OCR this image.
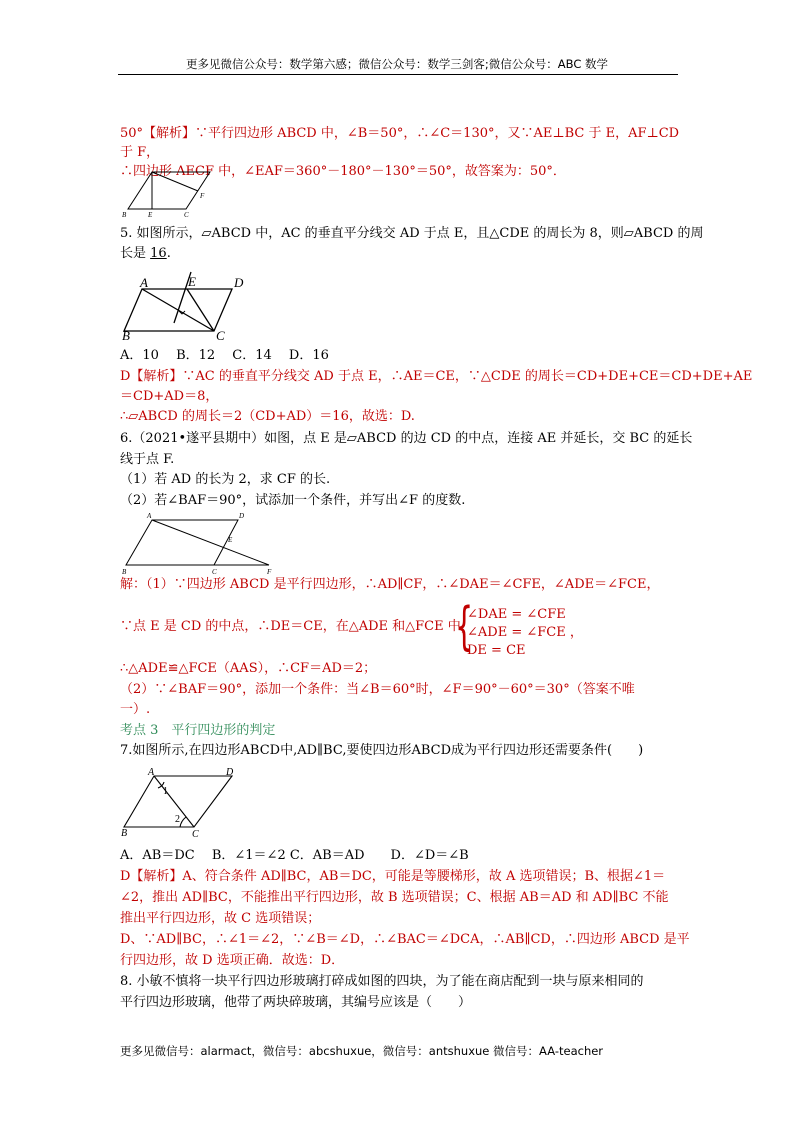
更多见微信公众号：数学第六感；微信公众号：数学三剑客;微信公众号：ABC 数学
50°【解析】∵平行四边形 ABCD 中，∠B＝50°，∴∠C＝130°，又∵AE⊥BC 于 E，AF⊥CD
于 F，
∴四边形 AECF 中，∠EAF＝360°－180°－130°＝50°，故答案为：50°．
B	E	C
F
5. 如图所示，▱ABCD 中，AC 的垂直平分线交 AD 于点 E，且△CDE 的周长为 8，则▱ABCD 的周
长是 16.
A	E	D
B	C
A．10　 B．12　 C．14　 D．16
D【解析】∵AC 的垂直平分线交 AD 于点 E，∴AE＝CE，∵△CDE 的周长＝CD+DE+CE＝CD+DE+AE
＝CD+AD＝8，
∴▱ABCD 的周长＝2（CD+AD）＝16，故选：D.
6.（2021•遂平县期中）如图，点 E 是▱ABCD 的边 CD 的中点，连接 AE 并延长，交 BC 的延长
线于点 F.
（1）若 AD 的长为 2，求 CF 的长.
（2）若∠BAF＝90°，试添加一个条件，并写出∠F 的度数.
A	D
E
B	C	F
解：（1）∵四边形 ABCD 是平行四边形，∴AD∥CF，∴∠DAE＝∠CFE，∠ADE＝∠FCE，
∵点 E 是 CD 的中点，∴DE＝CE，在△ADE 和△FCE 中，
{
∠DAE = ∠CFE
∠ADE = ∠FCE ，
DE = CE
∴△ADE≌△FCE（AAS），∴CF＝AD＝2；
（2）∵∠BAF＝90°，添加一个条件：当∠B＝60°时，∠F＝90°－60°＝30°（答案不唯
一）.
考点 3　平行四边形的判定
7.如图所示,在四边形ABCD中,AD∥BC,要使四边形ABCD成为平行四边形还需要条件(　　)
A	D
1
2
B	C
A．AB＝DC　 B．∠1＝∠2 C．AB＝AD　　D．∠D＝∠B
D【解析】A、符合条件 AD∥BC，AB＝DC，可能是等腰梯形，故 A 选项错误；B、根据∠1＝
∠2，推出 AD∥BC，不能推出平行四边形，故 B 选项错误；C、根据 AB＝AD 和 AD∥BC 不能
推出平行四边形，故 C 选项错误；
D、∵AD∥BC，∴∠1＝∠2，∵∠B＝∠D，∴∠BAC＝∠DCA，∴AB∥CD，∴四边形 ABCD 是平
行四边形，故 D 选项正确．故选：D．
8. 小敏不慎将一块平行四边形玻璃打碎成如图的四块，为了能在商店配到一块与原来相同的
平行四边形玻璃，他带了两块碎玻璃，其编号应该是（　　）
更多见微信号：alarmact，微信号：abcshuxue，微信号：antshuxue 微信号：AA-teacher
